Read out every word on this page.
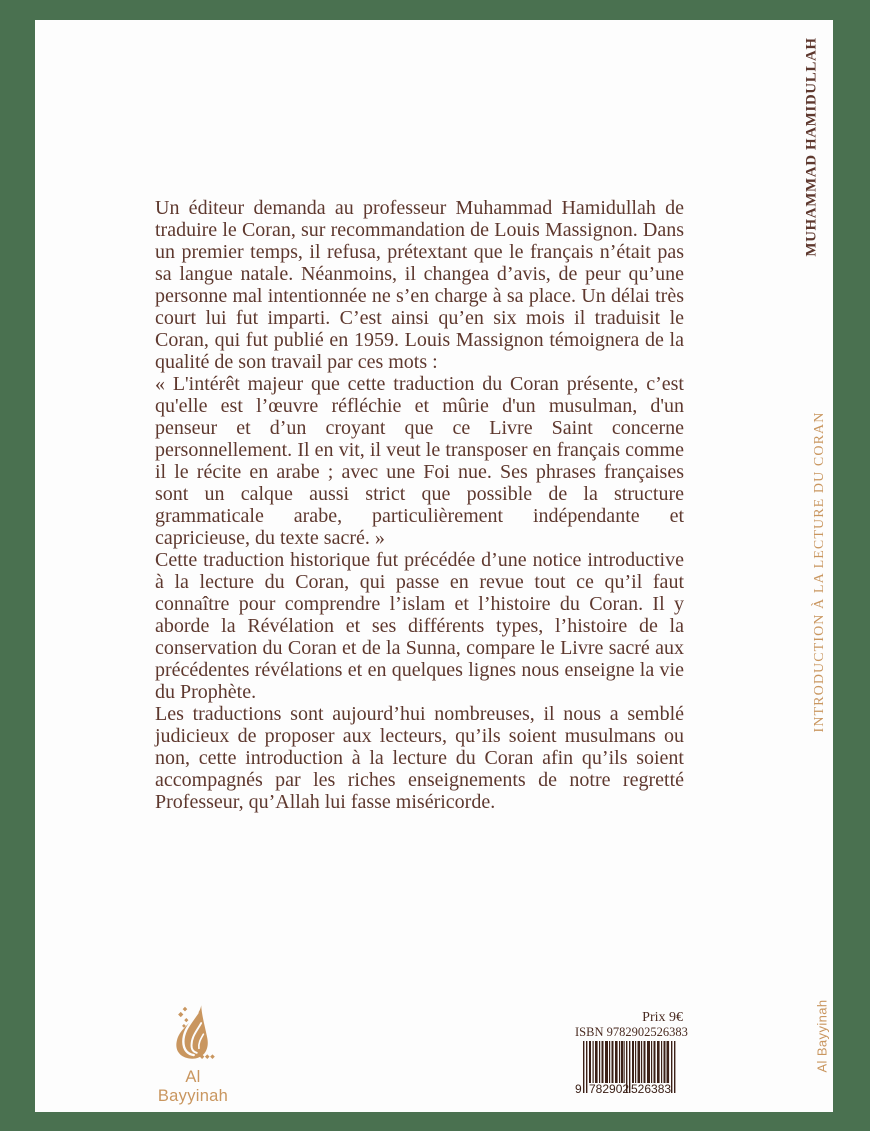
Un éditeur demanda au professeur Muhammad Hamidullah de traduire le Coran, sur recommandation de Louis Massignon. Dans un premier temps, il refusa, prétextant que le français n’était pas sa langue natale. Néanmoins, il changea d’avis, de peur qu’une personne mal intentionnée ne s’en charge à sa place. Un délai très court lui fut imparti. C’est ainsi qu’en six mois il traduisit le Coran, qui fut publié en 1959. Louis Massignon témoignera de la qualité de son travail par ces mots :

« L'intérêt majeur que cette traduction du Coran présente, c’est qu'elle est l’œuvre réfléchie et mûrie d'un musulman, d'un penseur et d’un croyant que ce Livre Saint concerne personnellement. Il en vit, il veut le transposer en français comme il le récite en arabe ; avec une Foi nue. Ses phrases françaises sont un calque aussi strict que possible de la structure grammaticale arabe, particulièrement indépendante et capricieuse, du texte sacré. »

Cette traduction historique fut précédée d’une notice introductive à la lecture du Coran, qui passe en revue tout ce qu’il faut connaître pour comprendre l’islam et l’histoire du Coran. Il y aborde la Révélation et ses différents types, l’histoire de la conservation du Coran et de la Sunna, compare le Livre sacré aux précédentes révélations et en quelques lignes nous enseigne la vie du Prophète.

Les traductions sont aujourd’hui nombreuses, il nous a semblé judicieux de proposer aux lecteurs, qu’ils soient musulmans ou non, cette introduction à la lecture du Coran afin qu’ils soient accompagnés par les riches enseignements de notre regretté Professeur, qu’Allah lui fasse miséricorde.

Al Bayyinah
Prix 9€
ISBN 9782902526383
9 782902 526383
MUHAMMAD HAMIDULLAH
INTRODUCTION À LA LECTURE DU CORAN
Al Bayyinah
